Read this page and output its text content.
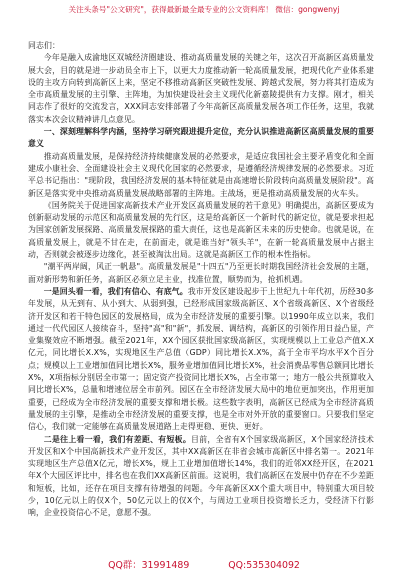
关注头条号"公文研究"，获得最新最全最专业的公文资料库！ 微信：gongwenyj

同志们：

今年是融入成渝地区双城经济圈建设、推动高质量发展的关键之年，这次召开高新区高质量发展大会，目的就是进一步动员全市上下，以更大力度推动新一轮高质量发展，把现代化产业体系建设的主攻方向转到高新区上来，坚定不移推动高新区突破性发展、跨越式发展，努力将其打造成为全市高质量发展的主引擎、主阵地，为加快建设社会主义现代化新嘉陵提供有力支撑。刚才，相关同志作了很好的交流发言，XXX同志安排部署了今年高新区高质量发展各项工作任务，这里，我就落实本次会议精神讲几点意见。

一、深刻理解科学内涵，坚持学习研究跟进提升定位，充分认识推进高新区高质量发展的重要意义

推动高质量发展，是保持经济持续健康发展的必然要求，是适应我国社会主要矛盾变化和全面建成小康社会、全面建设社会主义现代化国家的必然要求，是遵循经济规律发展的必然要求。习近平总书记指出："现阶段，我国经济发展的基本特征就是由高速增长阶段转向高质量发展阶段"。高新区是落实党中央推动高质量发展战略部署的主阵地。主战场，更是推动高质量发展的火车头。

《国务院关于促进国家高新技术产业开发区高质量发展的若干意见》明确提出，高新区要成为创新驱动发展的示范区和高质量发展的先行区，这是给高新区一个新时代的新定位，就是要求担起为国家创新发展探路、高质量发展探路的重大责任，这也是高新区未来的历史使命。也就是说，在高质量发展上，就是不甘在走，在前面走，就是谁当好"领头羊"，在新一轮高质量发展中占据主动，否则就会被逐步边缘化，甚至被淘汰出局。这就是高新区工作的根本性指标。

"潮平两岸阔，风正一帆悬"。高质量发展是"十四五"乃至更长时期我国经济社会发展的主题，面对新形势和新任务，高新区必须立足主业，找准位置，顺势而为，抢抓机遇。

一是回头看一看，我们有信心、有底气。我市开发区建设起步于上世纪九十年代初，历经30多年发展，从无到有、从小到大、从弱到强，已经形成国家级高新区、X个省级高新区、X个省级经济开发区和若干特色园区的发展格局，成为全市经济发展的重要引擎。以1990年成立以来，我们通过一代代园区人接续奋斗，坚持"高"和"新"，抓发展、调结构，高新区的引领作用日益凸显，产业集聚效应不断增强。截至2021年，XX个园区获批国家级高新区，实现规模以上工业总产值X.X亿元，同比增长X.X%，实现地区生产总值（GDP）同比增长X.X%，高于全市平均水平X个百分点；规模以上工业增加值同比增长X%，服务业增加值同比增长X%，社会消费品零售总额同比增长X%，X项指标分别居全市第一；固定资产投资同比增长X%，占全市第一；地方一般公共预算收入同比增长X%，总量和增速位居全市前列。园区在全市经济发展大局中的地位更加突出，作用更加重要，已经成为全市经济发展的重要支撑和增长极。这些数字表明，高新区已经成为全市经济高质量发展的主引擎，是推动全市经济发展的重要支撑，也是全市对外开放的重要窗口。只要我们坚定信心，我们就一定能够在高质量发展道路上走得更稳、更快、更好。

二是往上看一看，我们有差距、有短板。目前，全省有X个国家级高新区，X个国家经济技术开发区和X个中国高新技术产业开发区，其中XX高新区在非省会城市高新区中排名第一。2021年实现地区生产总值X亿元，增长X%，规上工业增加值增长14%，我们的近邻XX经开区，在2021年X个大园区评比中，排名也在我们XX高新区前面。这说明，我们高新区在发展中仍存在不少差距和短板，比如，还存在项目支撑有待增强的问题。今年高新区XX个重大项目中，特别重大项目较少，10亿元以上的仅X个，50亿元以上的仅X个，与周边工业项目投资增长乏力，受经济下行影响，企业投资信心不足，意愿不强。

QQ群：31991489	QQ:535304092
